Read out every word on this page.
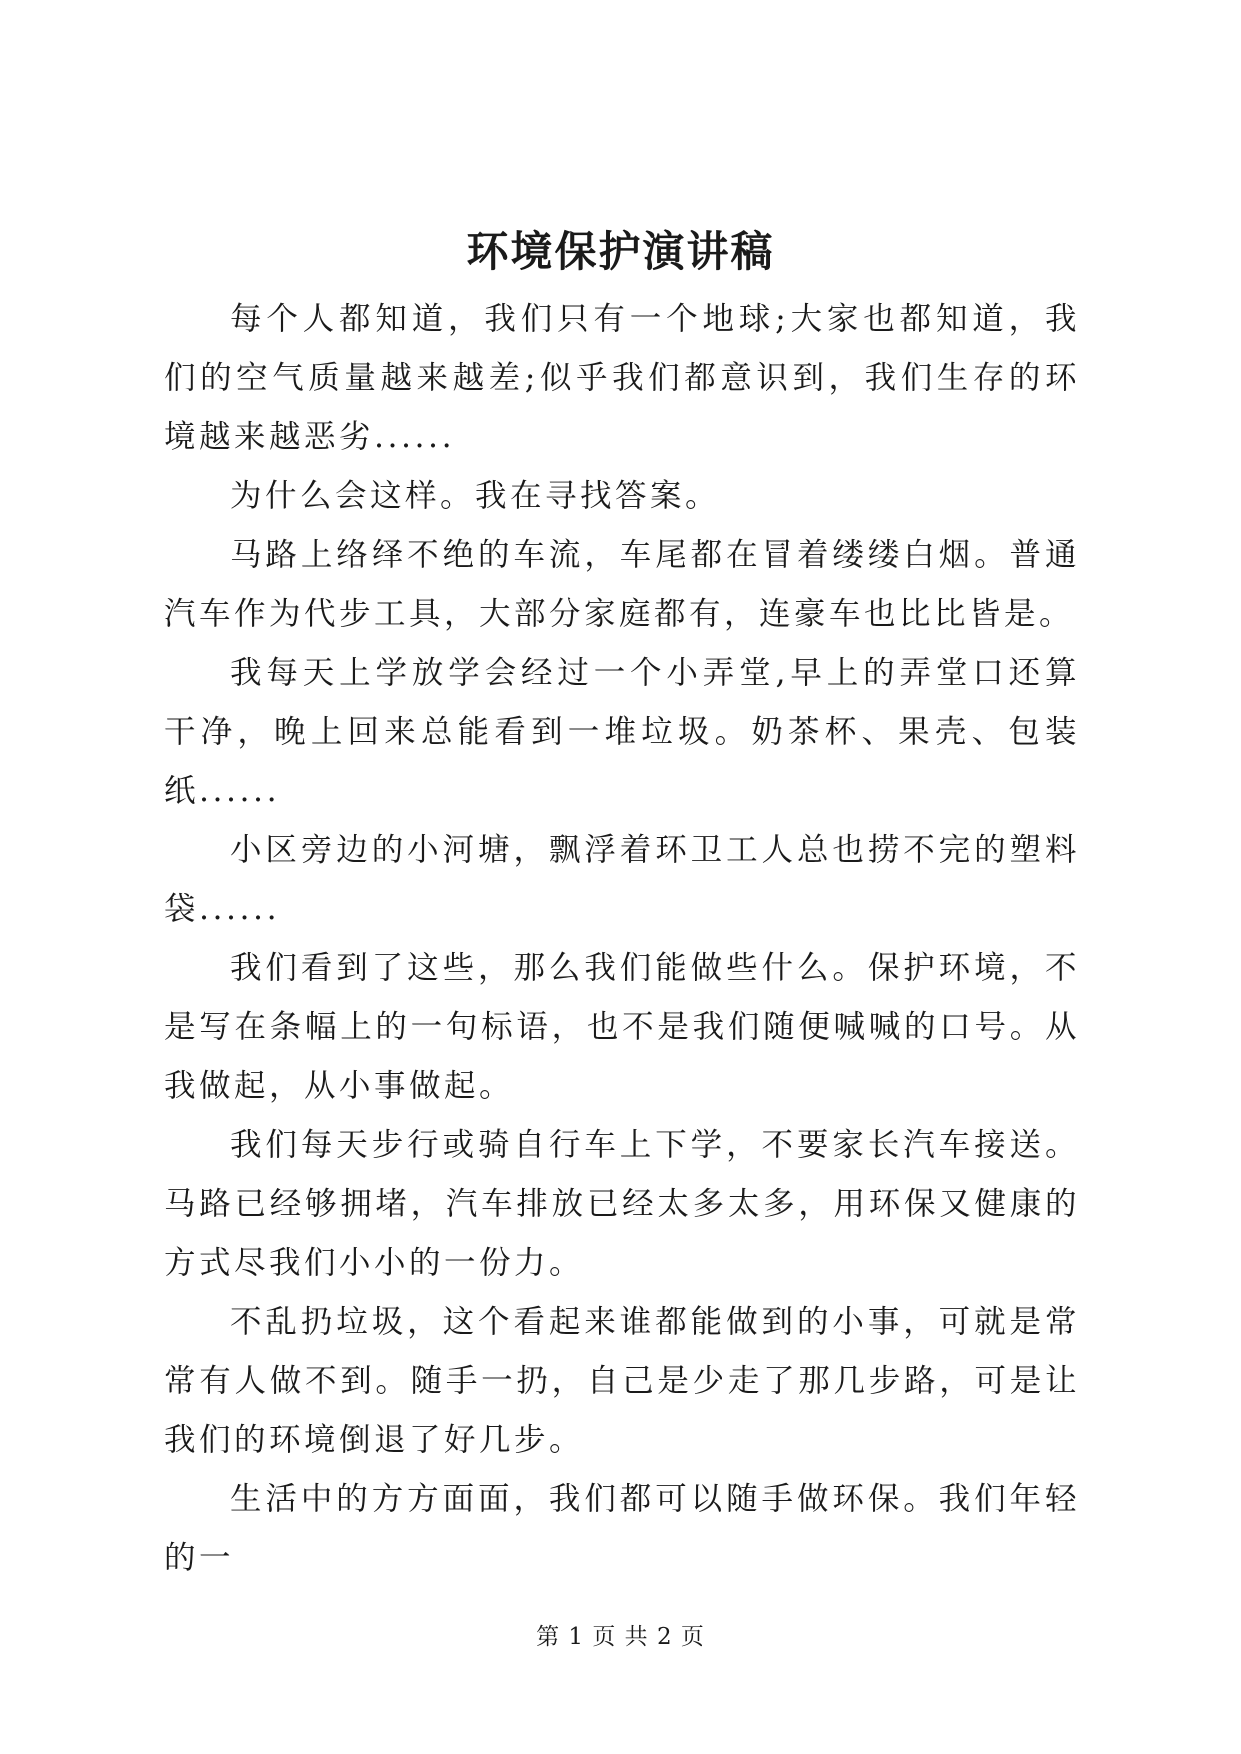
环境保护演讲稿

每个人都知道，我们只有一个地球;大家也都知道，我们的空气质量越来越差;似乎我们都意识到，我们生存的环境越来越恶劣......

为什么会这样。我在寻找答案。

马路上络绎不绝的车流，车尾都在冒着缕缕白烟。普通汽车作为代步工具，大部分家庭都有，连豪车也比比皆是。

我每天上学放学会经过一个小弄堂,早上的弄堂口还算干净，晚上回来总能看到一堆垃圾。奶茶杯、果壳、包装纸......

小区旁边的小河塘，飘浮着环卫工人总也捞不完的塑料袋......

我们看到了这些，那么我们能做些什么。保护环境，不是写在条幅上的一句标语，也不是我们随便喊喊的口号。从我做起，从小事做起。

我们每天步行或骑自行车上下学，不要家长汽车接送。马路已经够拥堵，汽车排放已经太多太多，用环保又健康的方式尽我们小小的一份力。

不乱扔垃圾，这个看起来谁都能做到的小事，可就是常常有人做不到。随手一扔，自己是少走了那几步路，可是让我们的环境倒退了好几步。

生活中的方方面面，我们都可以随手做环保。我们年轻的一

第 1 页 共 2 页
